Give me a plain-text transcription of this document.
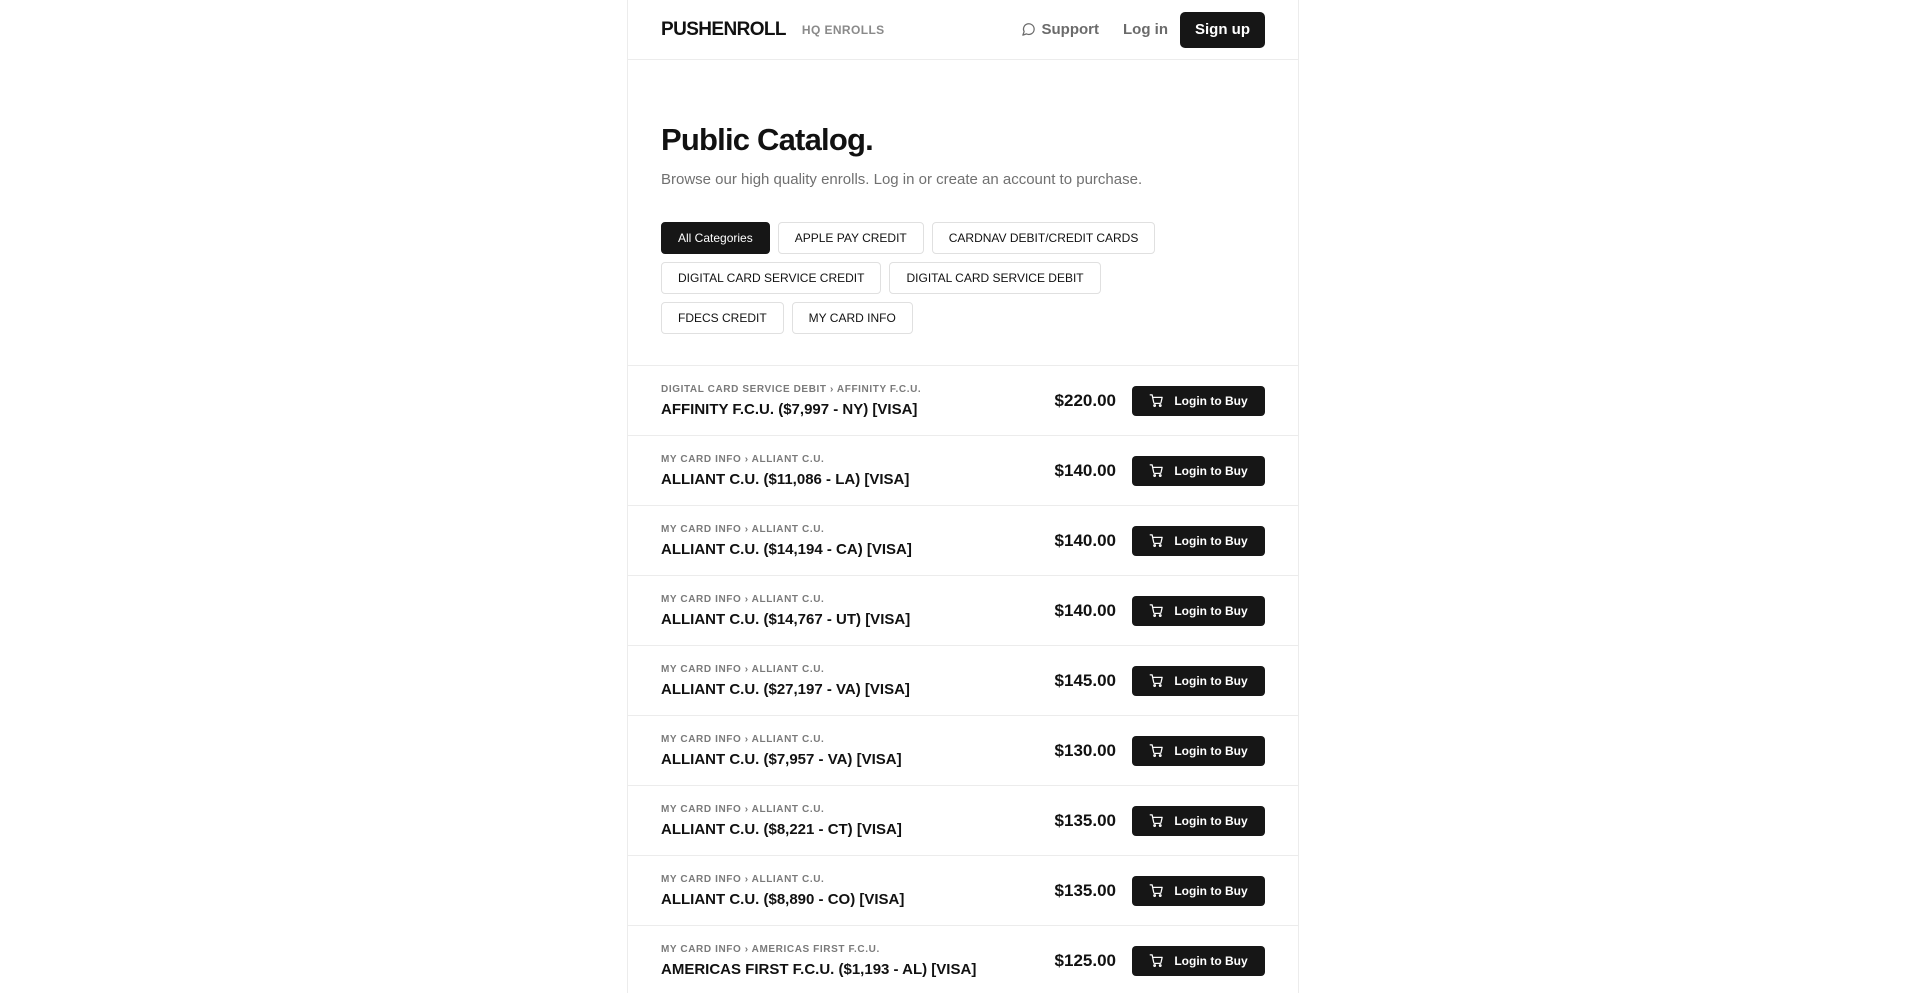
PUSHENROLL HQ ENROLLS	Support Log in	Sign up
Public Catalog.

Browse our high quality enrolls. Log in or create an account to purchase.

All Categories	APPLE PAY CREDIT	CARDNAV DEBIT/CREDIT CARDS
DIGITAL CARD SERVICE CREDIT	DIGITAL CARD SERVICE DEBIT
FDECS CREDIT	MY CARD INFO
DIGITAL CARD SERVICE DEBIT › AFFINITY F.C.U.
AFFINITY F.C.U. ($7,997 - NY) [VISA]	$220.00	Login to Buy
MY CARD INFO › ALLIANT C.U.
ALLIANT C.U. ($11,086 - LA) [VISA]	$140.00	Login to Buy
MY CARD INFO › ALLIANT C.U.
ALLIANT C.U. ($14,194 - CA) [VISA]	$140.00	Login to Buy
MY CARD INFO › ALLIANT C.U.
ALLIANT C.U. ($14,767 - UT) [VISA]	$140.00	Login to Buy
MY CARD INFO › ALLIANT C.U.
ALLIANT C.U. ($27,197 - VA) [VISA]	$145.00	Login to Buy
MY CARD INFO › ALLIANT C.U.
ALLIANT C.U. ($7,957 - VA) [VISA]	$130.00	Login to Buy
MY CARD INFO › ALLIANT C.U.
ALLIANT C.U. ($8,221 - CT) [VISA]	$135.00	Login to Buy
MY CARD INFO › ALLIANT C.U.
ALLIANT C.U. ($8,890 - CO) [VISA]	$135.00	Login to Buy
MY CARD INFO › AMERICAS FIRST F.C.U.
AMERICAS FIRST F.C.U. ($1,193 - AL) [VISA]	$125.00	Login to Buy
